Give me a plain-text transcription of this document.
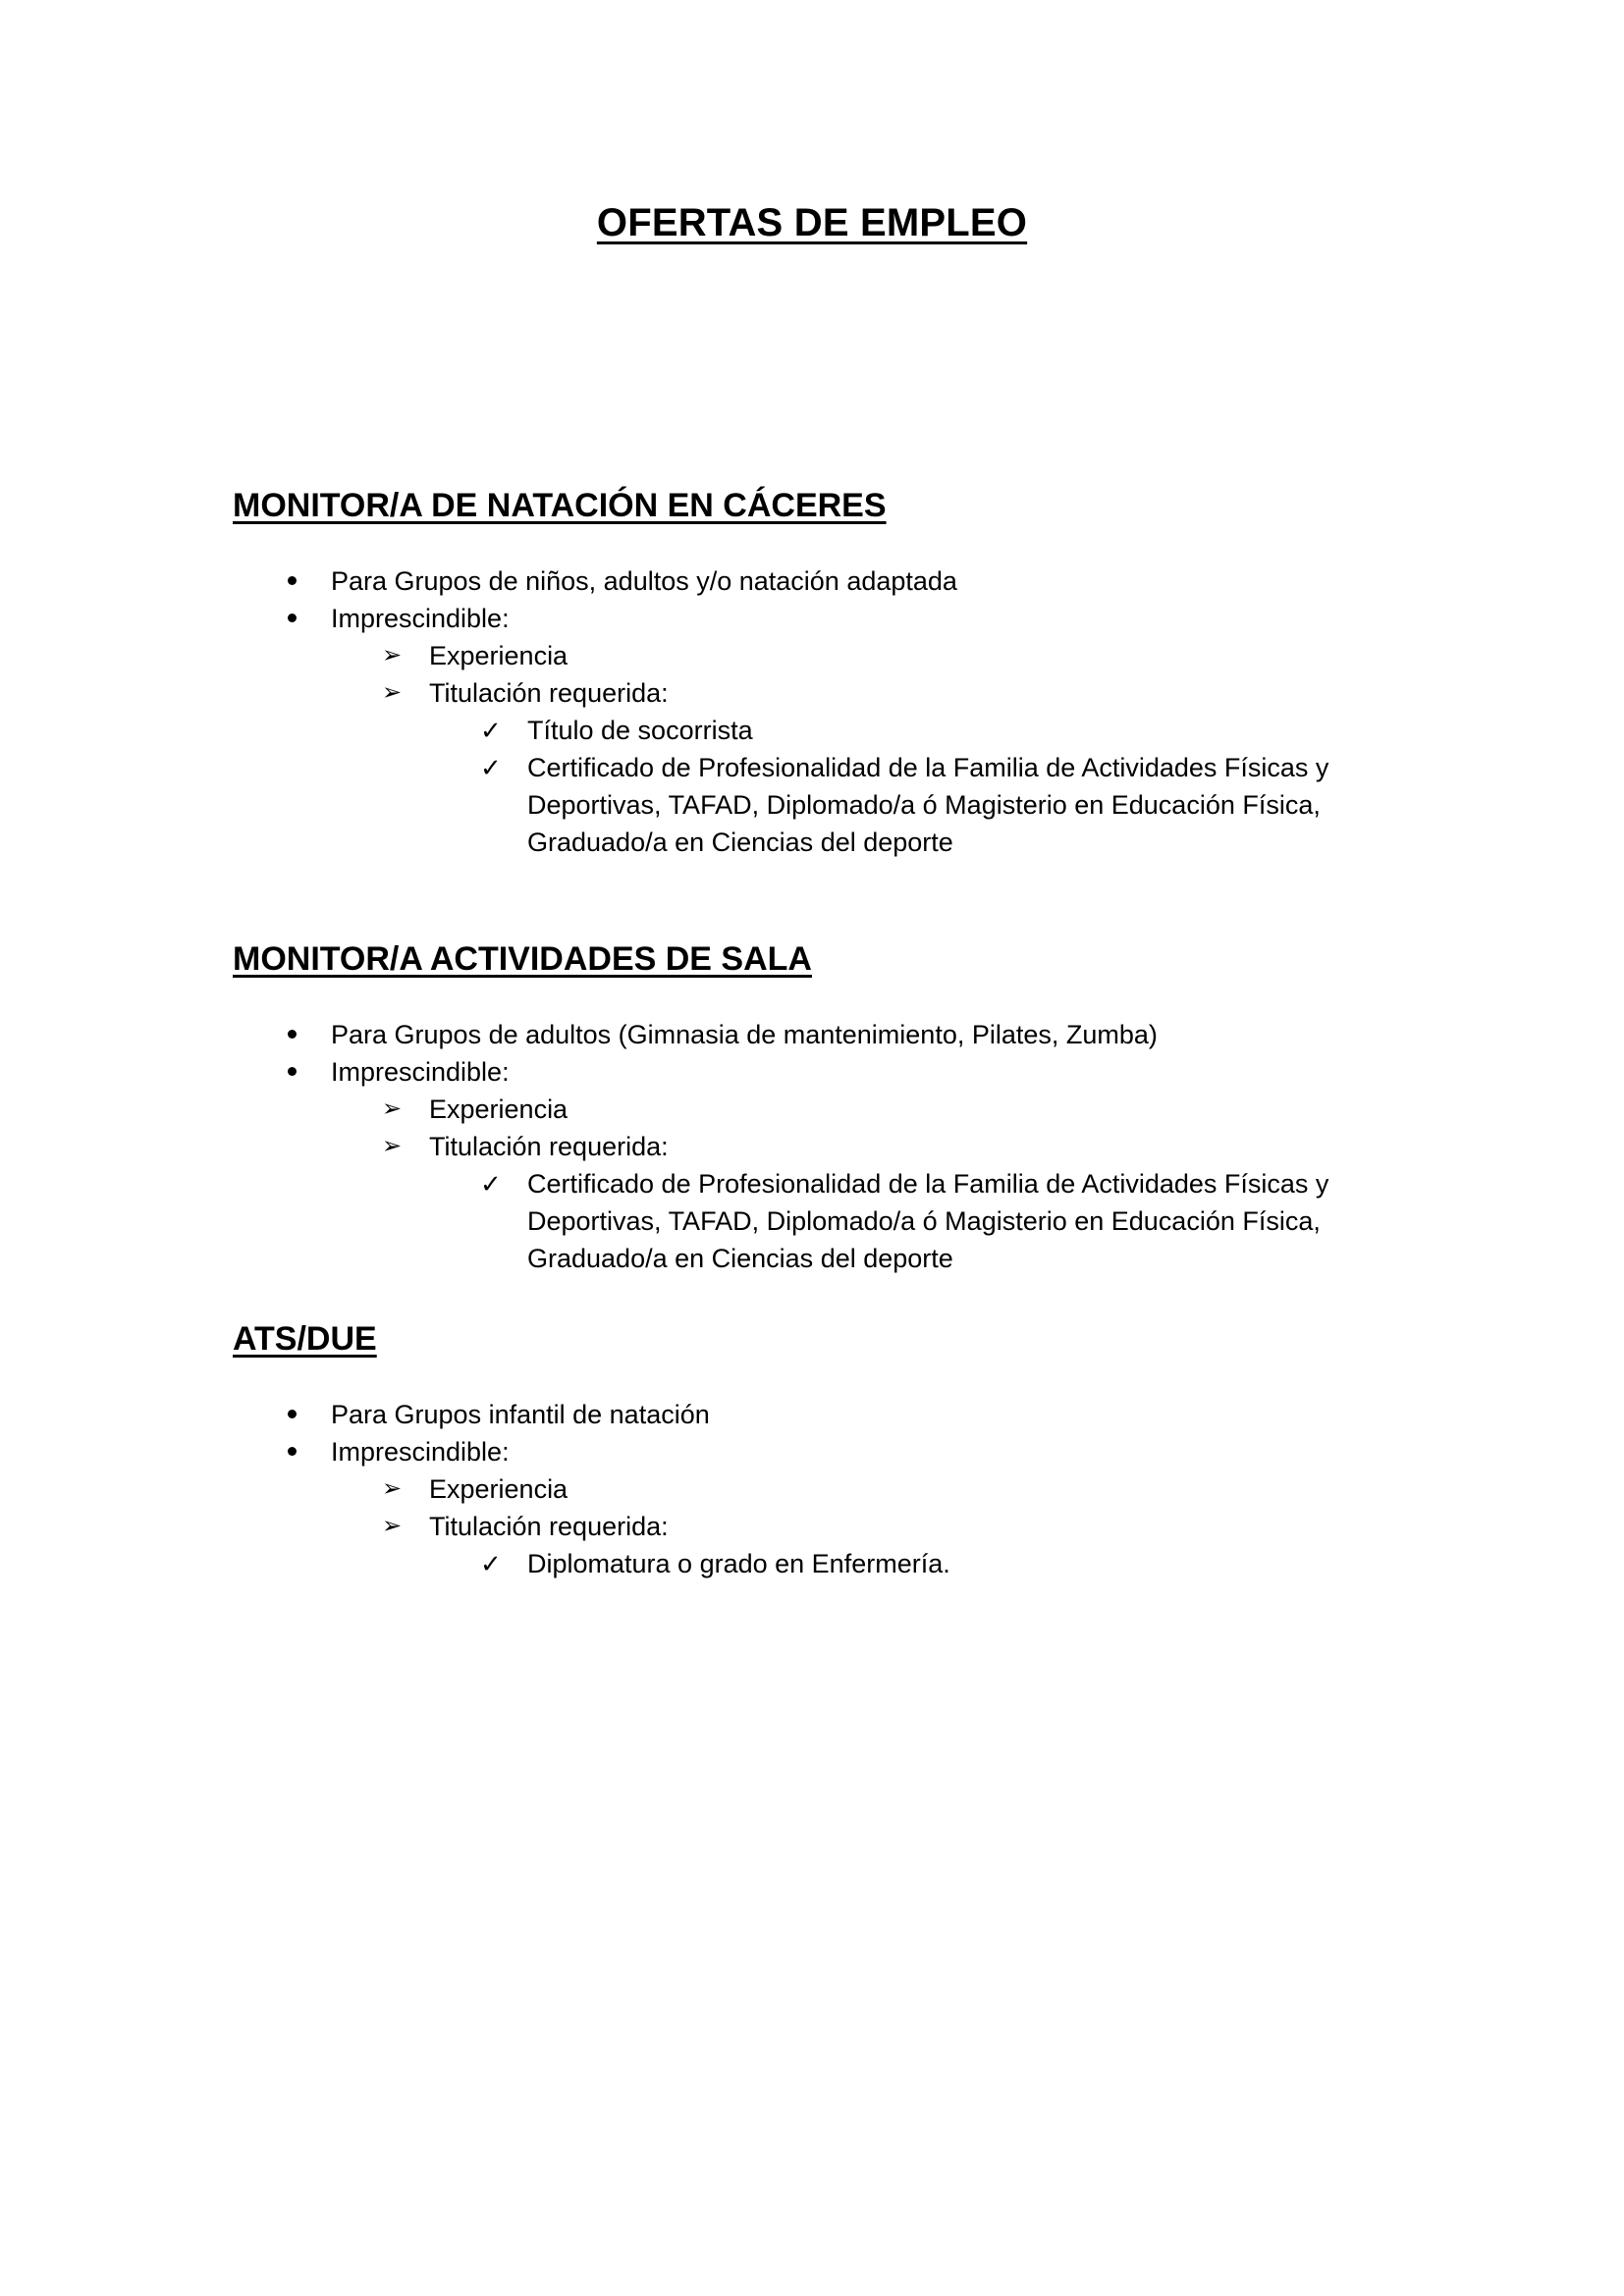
OFERTAS DE EMPLEO
MONITOR/A DE NATACIÓN EN CÁCERES
Para Grupos de niños, adultos y/o natación adaptada
Imprescindible:
➢	Experiencia
➢	Titulación requerida:
✓ Título de socorrista
✓ Certificado de Profesionalidad de la Familia de Actividades Físicas y Deportivas, TAFAD, Diplomado/a ó Magisterio en Educación Física, Graduado/a en Ciencias del deporte
MONITOR/A ACTIVIDADES DE SALA
Para Grupos de adultos (Gimnasia de mantenimiento, Pilates, Zumba)
Imprescindible:
➢	Experiencia
➢	Titulación requerida:
✓ Certificado de Profesionalidad de la Familia de Actividades Físicas y Deportivas, TAFAD, Diplomado/a ó Magisterio en Educación Física, Graduado/a en Ciencias del deporte
ATS/DUE
Para Grupos infantil de natación
Imprescindible:
➢	Experiencia
➢	Titulación requerida:
✓ Diplomatura o grado en Enfermería.
